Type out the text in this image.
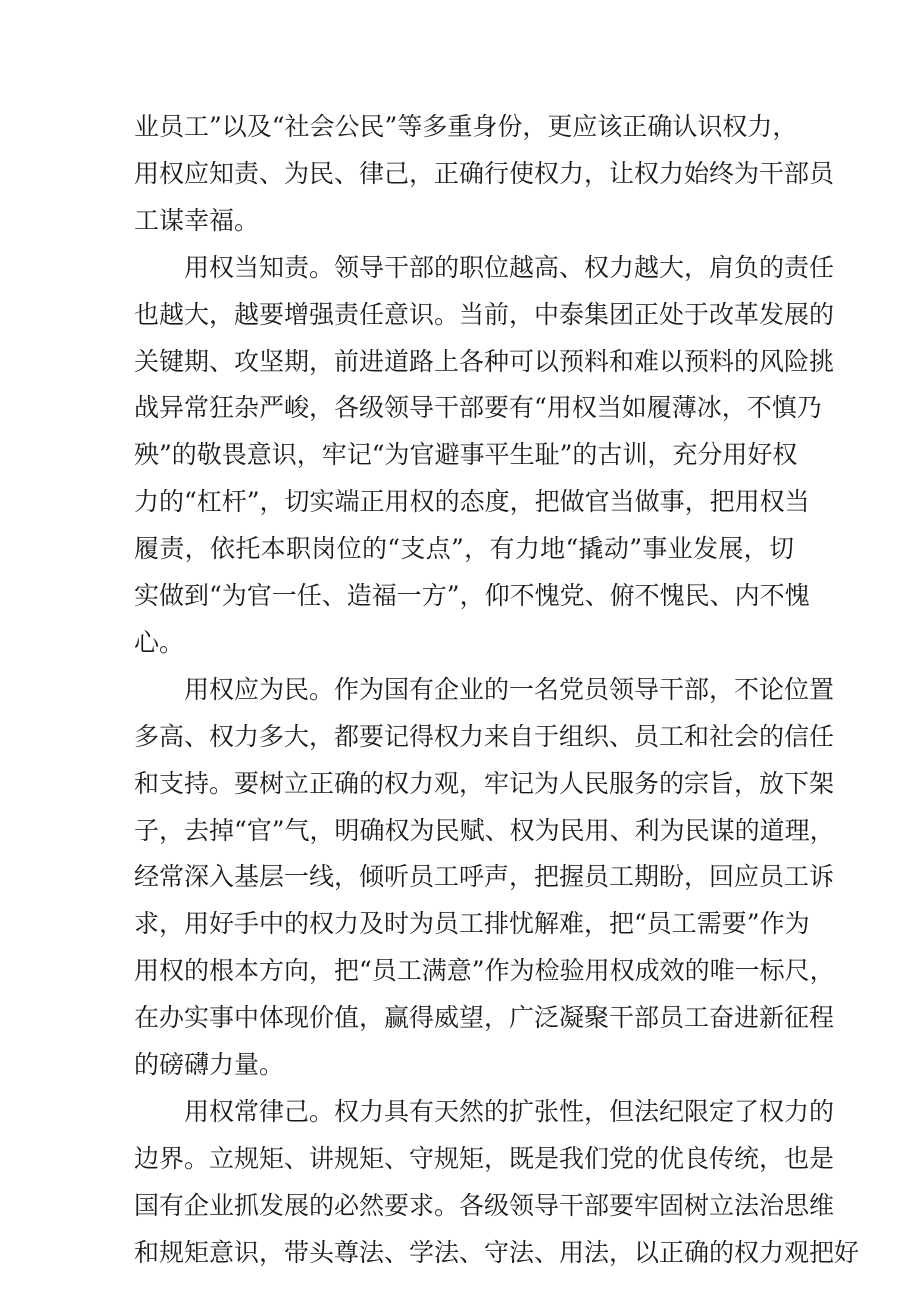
业员工”以及“社会公民”等多重身份，更应该正确认识权力，
用权应知责、为民、律己，正确行使权力，让权力始终为干部员
工谋幸福。
用权当知责。领导干部的职位越高、权力越大，肩负的责任
也越大，越要增强责任意识。当前，中泰集团正处于改革发展的
关键期、攻坚期，前进道路上各种可以预料和难以预料的风险挑
战异常狂杂严峻，各级领导干部要有“用权当如履薄冰，不慎乃
殃”的敬畏意识，牢记“为官避事平生耻”的古训，充分用好权
力的“杠杆”，切实端正用权的态度，把做官当做事，把用权当
履责，依托本职岗位的“支点”，有力地“撬动”事业发展，切
实做到“为官一任、造福一方”，仰不愧党、俯不愧民、内不愧
心。
用权应为民。作为国有企业的一名党员领导干部，不论位置
多高、权力多大，都要记得权力来自于组织、员工和社会的信任
和支持。要树立正确的权力观，牢记为人民服务的宗旨，放下架
子，去掉“官”气，明确权为民赋、权为民用、利为民谋的道理，
经常深入基层一线，倾听员工呼声，把握员工期盼，回应员工诉
求，用好手中的权力及时为员工排忧解难，把“员工需要”作为
用权的根本方向，把“员工满意”作为检验用权成效的唯一标尺，
在办实事中体现价值，赢得威望，广泛凝聚干部员工奋进新征程
的磅礴力量。
用权常律己。权力具有天然的扩张性，但法纪限定了权力的
边界。立规矩、讲规矩、守规矩，既是我们党的优良传统，也是
国有企业抓发展的必然要求。各级领导干部要牢固树立法治思维
和规矩意识，带头尊法、学法、守法、用法，以正确的权力观把好
